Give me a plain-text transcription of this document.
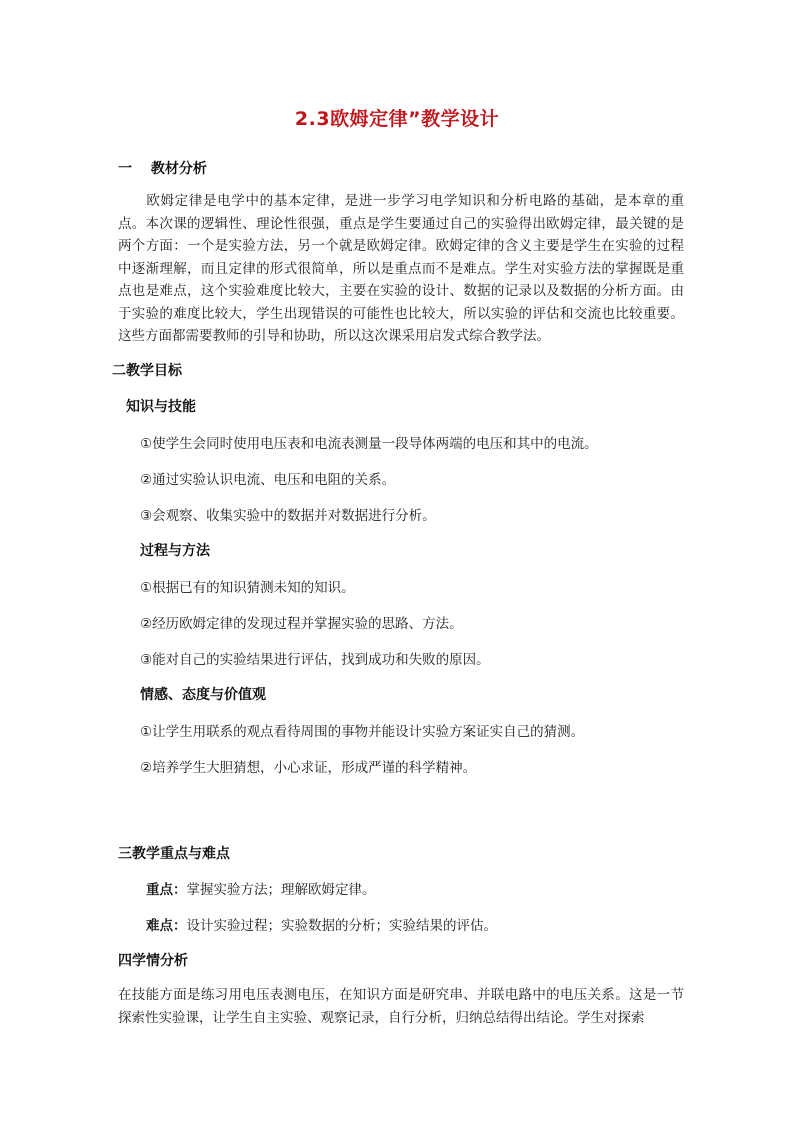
2.3欧姆定律”教学设计
一　 教材分析
　　欧姆定律是电学中的基本定律，是进一步学习电学知识和分析电路的基础，是本章的重点。本次课的逻辑性、理论性很强，重点是学生要通过自己的实验得出欧姆定律，最关键的是两个方面：一个是实验方法，另一个就是欧姆定律。欧姆定律的含义主要是学生在实验的过程中逐渐理解，而且定律的形式很简单，所以是重点而不是难点。学生对实验方法的掌握既是重点也是难点，这个实验难度比较大，主要在实验的设计、数据的记录以及数据的分析方面。由于实验的难度比较大，学生出现错误的可能性也比较大，所以实验的评估和交流也比较重要。这些方面都需要教师的引导和协助，所以这次课采用启发式综合教学法。
二教学目标
知识与技能
①使学生会同时使用电压表和电流表测量一段导体两端的电压和其中的电流。
②通过实验认识电流、电压和电阻的关系。
③会观察、收集实验中的数据并对数据进行分析。
过程与方法
①根据已有的知识猜测未知的知识。
②经历欧姆定律的发现过程并掌握实验的思路、方法。
③能对自己的实验结果进行评估，找到成功和失败的原因。
情感、态度与价值观
①让学生用联系的观点看待周围的事物并能设计实验方案证实自己的猜测。
②培养学生大胆猜想，小心求证，形成严谨的科学精神。
三教学重点与难点
重点：掌握实验方法；理解欧姆定律。
难点：设计实验过程；实验数据的分析；实验结果的评估。
四学情分析
在技能方面是练习用电压表测电压，在知识方面是研究串、并联电路中的电压关系。这是一节探索性实验课，让学生自主实验、观察记录，自行分析，归纳总结得出结论。学生对探索
